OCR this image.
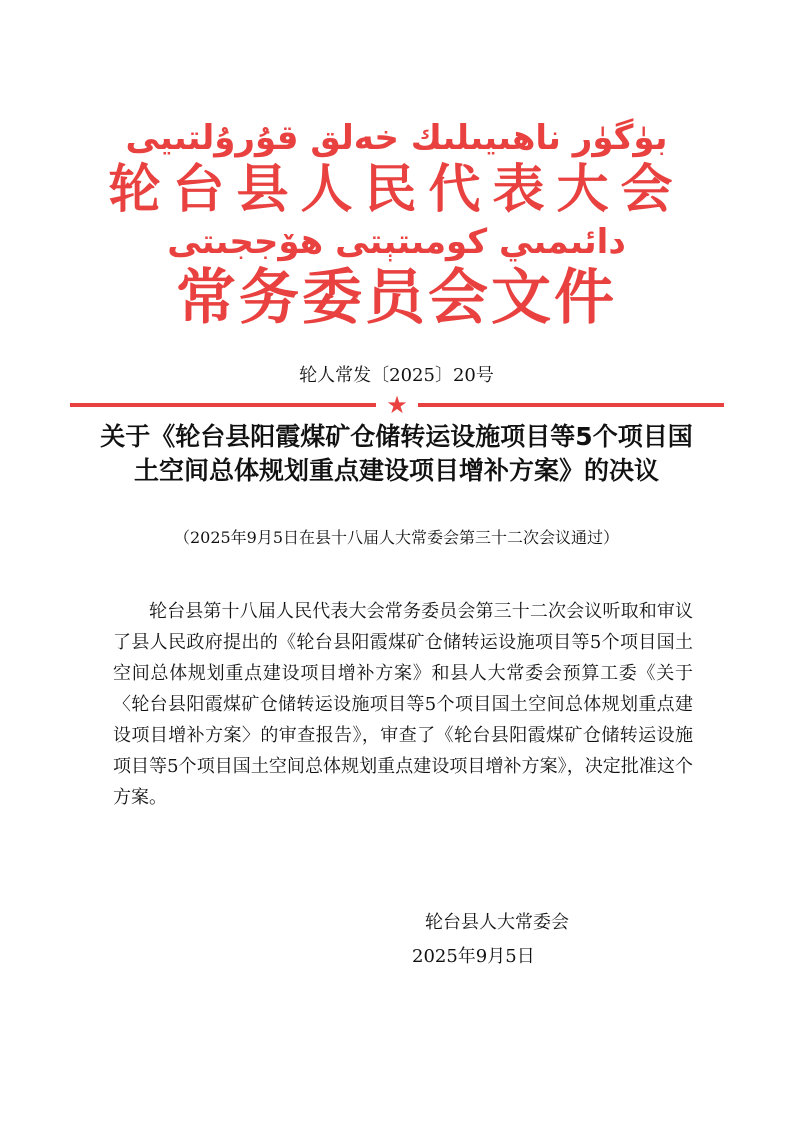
بۈگۈر ناھىيىلىك خەلق قۇرۇلتىيى
轮台县人民代表大会
دائىمىي كومىتېتى ھۆججىتى
常务委员会文件
轮人常发〔2025〕20号
★
关于《轮台县阳霞煤矿仓储转运设施项目等5个项目国土空间总体规划重点建设项目增补方案》的决议
（2025年9月5日在县十八届人大常委会第三十二次会议通过）

轮台县第十八届人民代表大会常务委员会第三十二次会议听取和审议了县人民政府提出的《轮台县阳霞煤矿仓储转运设施项目等5个项目国土空间总体规划重点建设项目增补方案》和县人大常委会预算工委《关于〈轮台县阳霞煤矿仓储转运设施项目等5个项目国土空间总体规划重点建设项目增补方案〉的审查报告》，审查了《轮台县阳霞煤矿仓储转运设施项目等5个项目国土空间总体规划重点建设项目增补方案》，决定批准这个方案。

轮台县人大常委会
2025年9月5日
